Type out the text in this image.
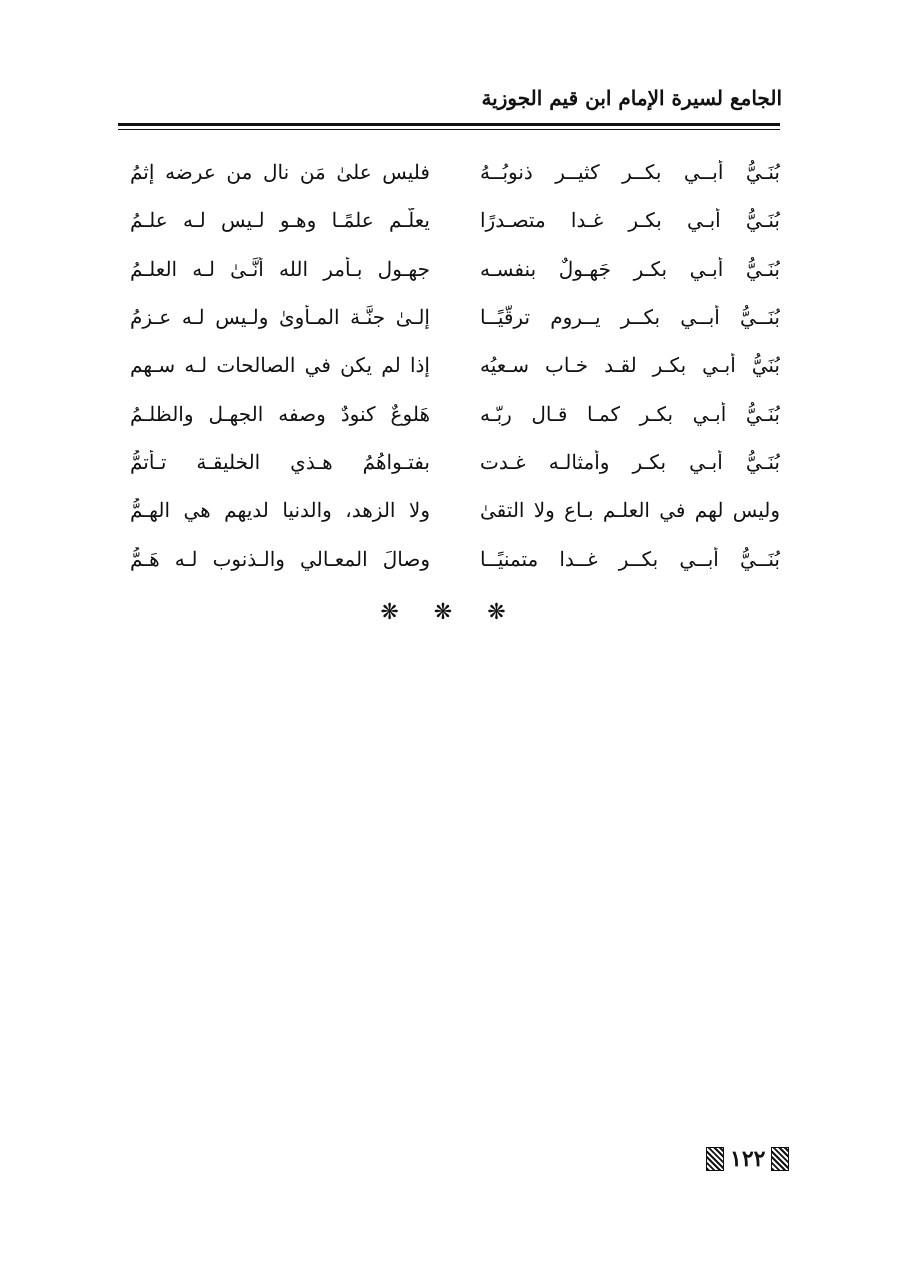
الجامع لسيرة الإمام ابن قيم الجوزية
بُنَـيُّ أبــي بكــر كثيــر ذنوبُــهُ
فليس علىٰ مَن نال من عرضه إثمُ
بُنَـيُّ أبـي بكـر غـدا متصـدرًا
يعلّـم علمًـا وهـو لـيس لـه علـمُ
بُنَـيُّ أبـي بكـر جَهـولٌ بنفسـه
جهـول بـأمر الله أنَّـىٰ لـه العلـمُ
بُنَــيُّ أبــي بكــر يــروم ترقّيًــا
إلـىٰ جنَّـة المـأوىٰ ولـيس لـه عـزمُ
بُنَيُّ أبـي بكـر لقـد خـاب سـعيُه
إذا لم يكن في الصالحات لـه سـهم
بُنَـيُّ أبـي بكـر كمـا قـال ربّـه
هَلوعٌ كنودٌ وصفه الجهـل والظلـمُ
بُنَـيُّ أبـي بكـر وأمثالـه غـدت
بفتـواهُمُ هـذي الخليقـة تـأتمُّ
وليس لهم في العلـم بـاع ولا التقىٰ
ولا الزهد، والدنيا لديهم هي الهـمُّ
بُنَــيُّ أبــي بكــر غــدا متمنيًــا
وصالَ المعـالي والـذنوب لـه هَـمُّ
❋ ❋ ❋
١٢٢
